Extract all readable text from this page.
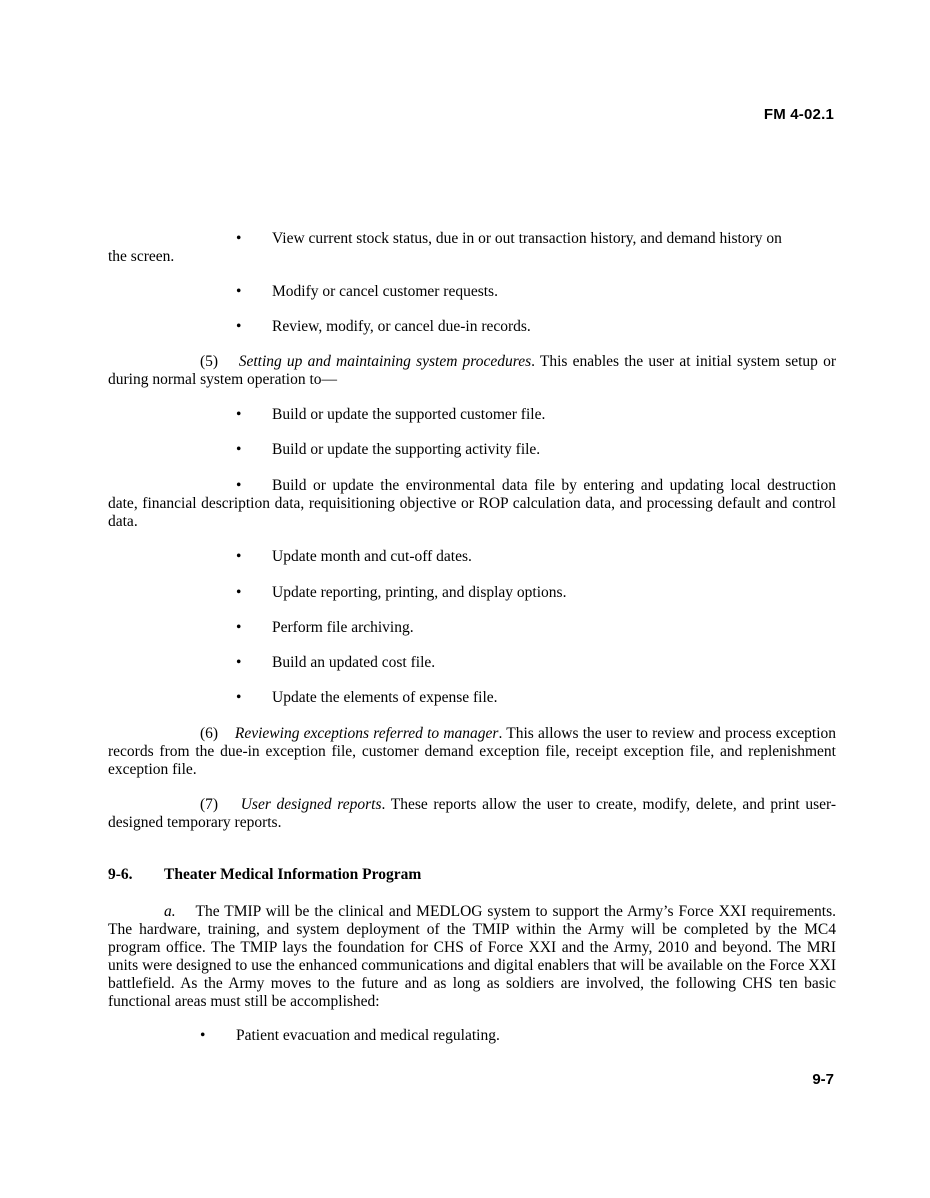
FM 4-02.1
• View current stock status, due in or out transaction history, and demand history on
the screen.
• Modify or cancel customer requests.
• Review, modify, or cancel due-in records.
(5) Setting up and maintaining system procedures. This enables the user at initial system setup or during normal system operation to—
• Build or update the supported customer file.
• Build or update the supporting activity file.
• Build or update the environmental data file by entering and updating local destruction date, financial description data, requisitioning objective or ROP calculation data, and processing default and control data.
• Update month and cut-off dates.
• Update reporting, printing, and display options.
• Perform file archiving.
• Build an updated cost file.
• Update the elements of expense file.
(6) Reviewing exceptions referred to manager. This allows the user to review and process exception records from the due-in exception file, customer demand exception file, receipt exception file, and replenishment exception file.
(7) User designed reports. These reports allow the user to create, modify, delete, and print user-designed temporary reports.
9-6. Theater Medical Information Program
a. The TMIP will be the clinical and MEDLOG system to support the Army’s Force XXI requirements. The hardware, training, and system deployment of the TMIP within the Army will be completed by the MC4 program office. The TMIP lays the foundation for CHS of Force XXI and the Army, 2010 and beyond. The MRI units were designed to use the enhanced communications and digital enablers that will be available on the Force XXI battlefield. As the Army moves to the future and as long as soldiers are involved, the following CHS ten basic functional areas must still be accomplished:
• Patient evacuation and medical regulating.
9-7
